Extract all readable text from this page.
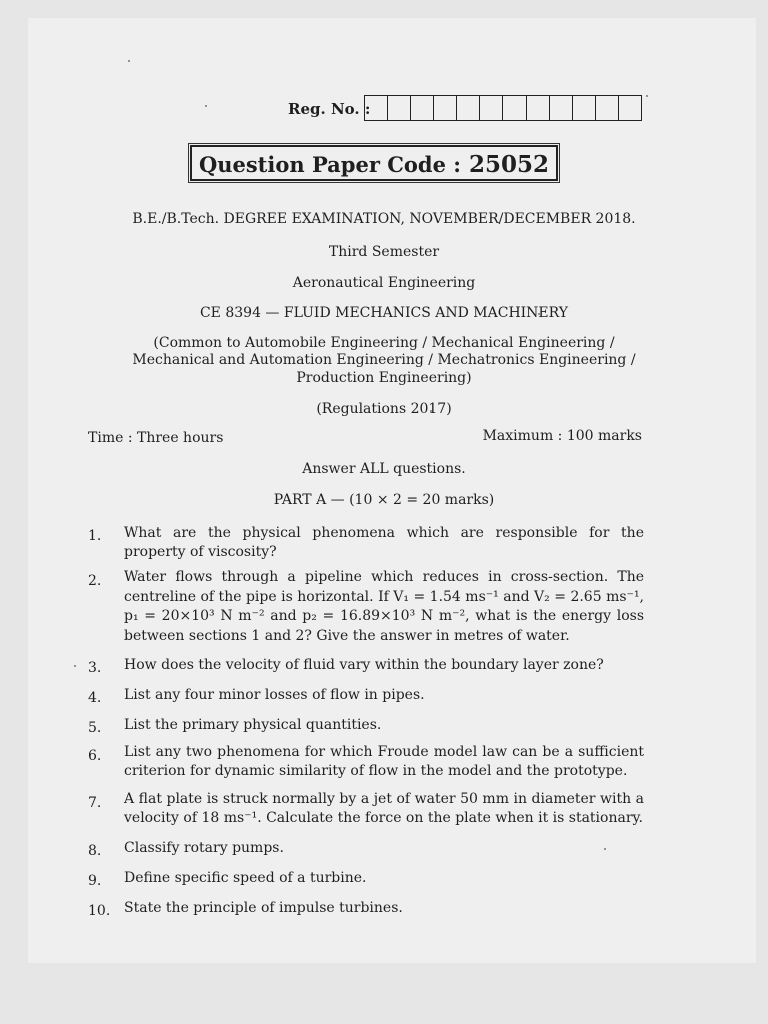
Reg. No. :
Question Paper Code : 25052
B.E./B.Tech. DEGREE EXAMINATION, NOVEMBER/DECEMBER 2018.
Third Semester
Aeronautical Engineering
CE 8394 — FLUID MECHANICS AND MACHINERY
(Common to Automobile Engineering / Mechanical Engineering /
Mechanical and Automation Engineering / Mechatronics Engineering /
Production Engineering)
(Regulations 2017)
Time : Three hours	Maximum : 100 marks
Answer ALL questions.
PART A — (10 × 2 = 20 marks)
1. What are the physical phenomena which are responsible for the property of viscosity?
2. Water flows through a pipeline which reduces in cross-section. The centreline of the pipe is horizontal. If V₁ = 1.54 ms⁻¹ and V₂ = 2.65 ms⁻¹, p₁ = 20×10³ N m⁻² and p₂ = 16.89×10³ N m⁻², what is the energy loss between sections 1 and 2? Give the answer in metres of water.
3. How does the velocity of fluid vary within the boundary layer zone?
4. List any four minor losses of flow in pipes.
5. List the primary physical quantities.
6. List any two phenomena for which Froude model law can be a sufficient criterion for dynamic similarity of flow in the model and the prototype.
7. A flat plate is struck normally by a jet of water 50 mm in diameter with a velocity of 18 ms⁻¹. Calculate the force on the plate when it is stationary.
8. Classify rotary pumps.
9. Define specific speed of a turbine.
10. State the principle of impulse turbines.
